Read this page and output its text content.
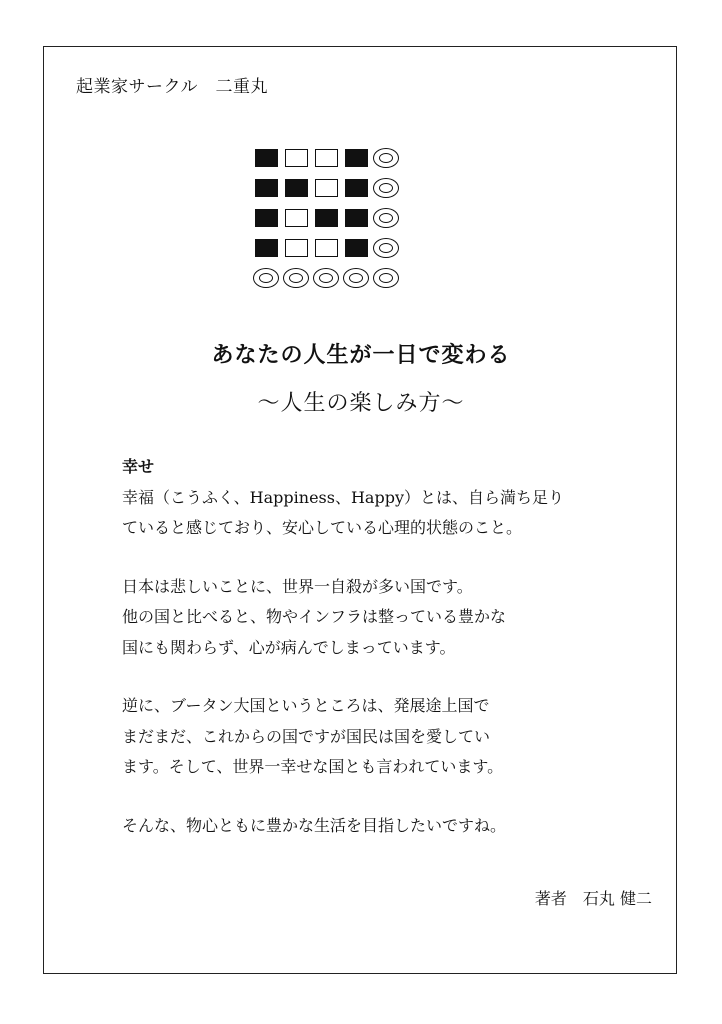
起業家サークル　二重丸
あなたの人生が一日で変わる
～人生の楽しみ方～
幸せ
幸福（こうふく、Happiness、Happy）とは、自ら満ち足り
ていると感じており、安心している心理的状態のこと。
日本は悲しいことに、世界一自殺が多い国です。
他の国と比べると、物やインフラは整っている豊かな
国にも関わらず、心が病んでしまっています。
逆に、ブータン大国というところは、発展途上国で
まだまだ、これからの国ですが国民は国を愛してい
ます。そして、世界一幸せな国とも言われています。
そんな、物心ともに豊かな生活を目指したいですね。
著者　石丸 健二
